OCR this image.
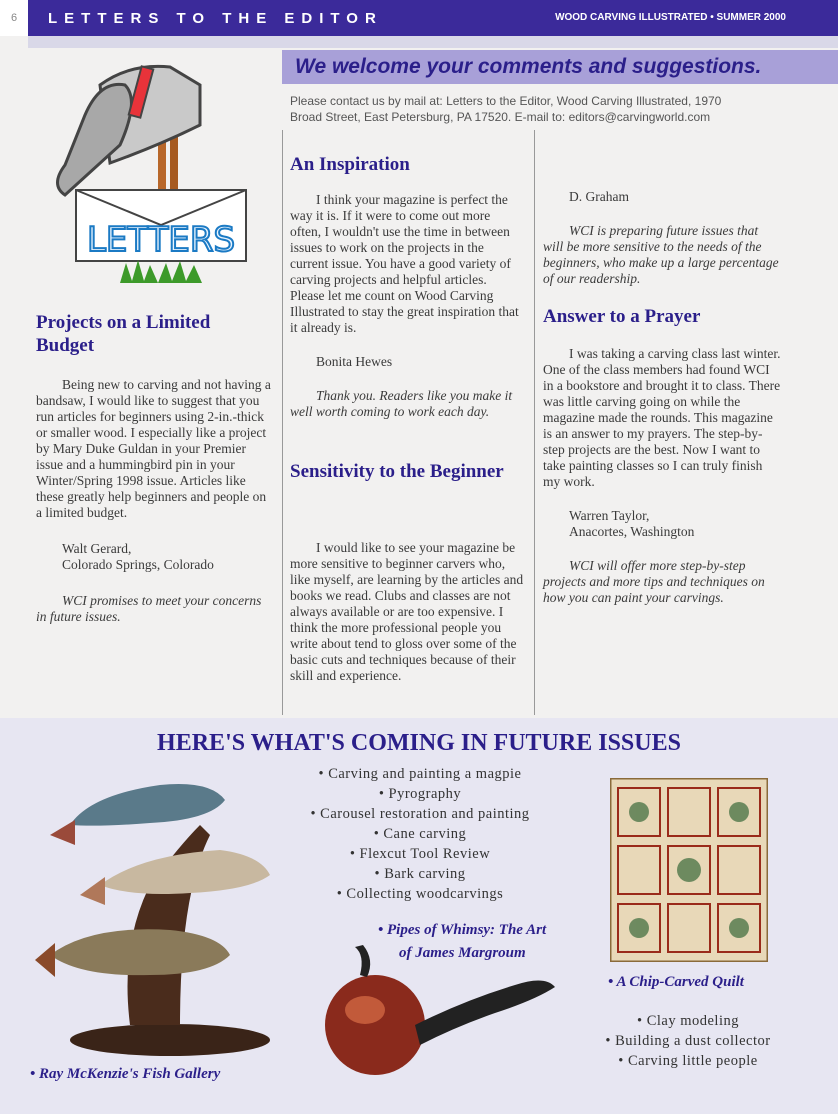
6	LETTERS TO THE EDITOR	WOOD CARVING ILLUSTRATED • SUMMER 2000
LETTERS
We welcome your comments and suggestions.
Please contact us by mail at: Letters to the Editor, Wood Carving Illustrated, 1970
Broad Street, East Petersburg, PA 17520. E-mail to: editors@carvingworld.com
Projects on a Limited Budget

Being new to carving and not having a bandsaw, I would like to suggest that you run articles for beginners using 2-in.-thick or smaller wood. I especially like a project by Mary Duke Guldan in your Premier issue and a hummingbird pin in your Winter/Spring 1998 issue. Articles like these greatly help beginners and people on a limited budget.

Walt Gerard,
Colorado Springs, Colorado

WCI promises to meet your concerns in future issues.

An Inspiration

I think your magazine is perfect the way it is. If it were to come out more often, I wouldn't use the time in between issues to work on the projects in the current issue. You have a good variety of carving projects and helpful articles. Please let me count on Wood Carving Illustrated to stay the great inspiration that it already is.

Bonita Hewes

Thank you. Readers like you make it well worth coming to work each day.

Sensitivity to the Beginner

I would like to see your magazine be more sensitive to beginner carvers who, like myself, are learning by the articles and books we read. Clubs and classes are not always available or are too expensive. I think the more professional people you write about tend to gloss over some of the basic cuts and techniques because of their skill and experience.

D. Graham

WCI is preparing future issues that will be more sensitive to the needs of the beginners, who make up a large percentage of our readership.

Answer to a Prayer

I was taking a carving class last winter. One of the class members had found WCI in a bookstore and brought it to class. There was little carving going on while the magazine made the rounds. This magazine is an answer to my prayers. The step-by-step projects are the best. Now I want to take painting classes so I can truly finish my work.

Warren Taylor,
Anacortes, Washington

WCI will offer more step-by-step projects and more tips and techniques on how you can paint your carvings.

HERE'S WHAT'S COMING IN FUTURE ISSUES
• Carving and painting a magpie
• Pyrography
• Carousel restoration and painting
• Cane carving
• Flexcut Tool Review
• Bark carving
• Collecting woodcarvings
• Clay modeling
• Building a dust collector
• Carving little people
• Ray McKenzie's Fish Gallery
• Pipes of Whimsy: The Art
of James Margroum
• A Chip-Carved Quilt
